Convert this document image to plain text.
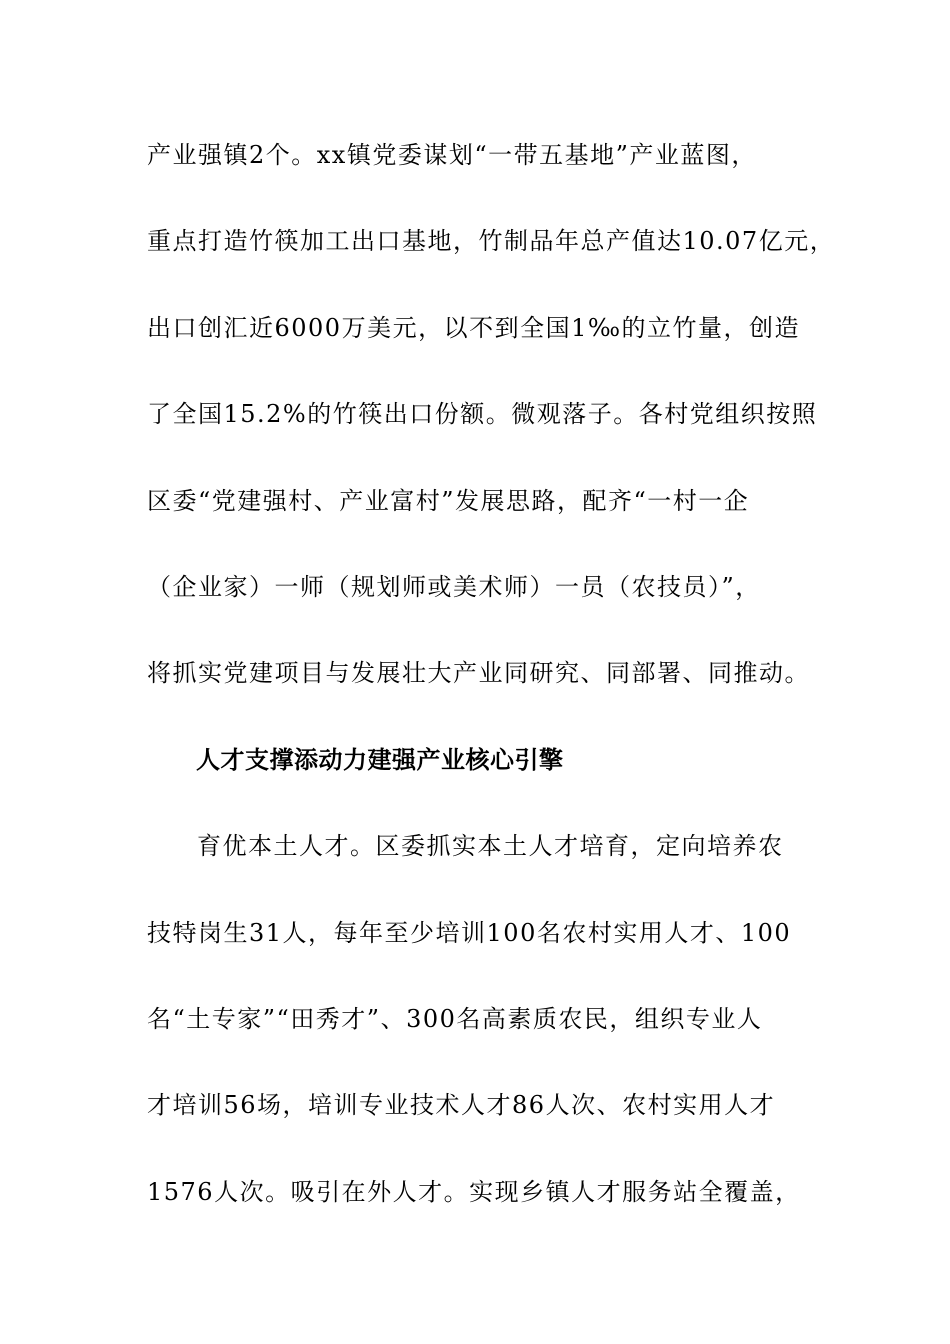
产业强镇2个。xx镇党委谋划“一带五基地”产业蓝图，
重点打造竹筷加工出口基地，竹制品年总产值达10.07亿元，
出口创汇近6000万美元，以不到全国1‰的立竹量，创造
了全国15.2%的竹筷出口份额。微观落子。各村党组织按照
区委“党建强村、产业富村”发展思路，配齐“一村一企
（企业家）一师（规划师或美术师）一员（农技员）”，
将抓实党建项目与发展壮大产业同研究、同部署、同推动。
人才支撑添动力建强产业核心引擎
育优本土人才。区委抓实本土人才培育，定向培养农
技特岗生31人，每年至少培训100名农村实用人才、100
名“土专家”“田秀才”、300名高素质农民，组织专业人
才培训56场，培训专业技术人才86人次、农村实用人才
1576人次。吸引在外人才。实现乡镇人才服务站全覆盖，
